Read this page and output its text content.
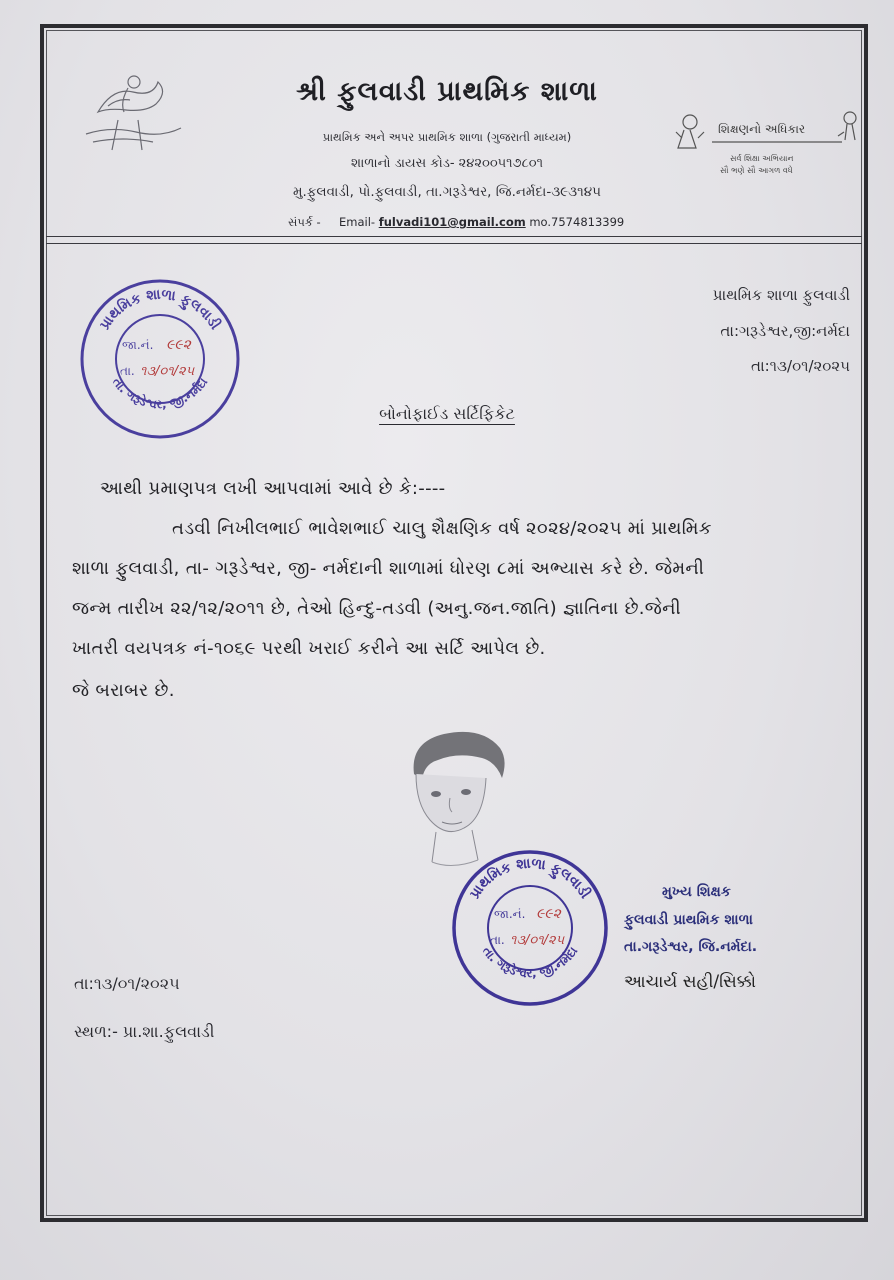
શિક્ષણનો અધિકાર
સર્વ શિક્ષા અભિયાન
સૌ ભણે સૌ આગળ વધે
શ્રી ફુલવાડી પ્રાથમિક શાળા
પ્રાથમિક અને અપર પ્રાથમિક શાળા (ગુજરાતી માધ્યમ)
શાળાનો ડાયસ કોડ- ૨૪૨૦૦૫૧૭૮૦૧
મુ.ફુલવાડી, પો.ફુલવાડી, તા.ગરૂડેશ્વર, જિ.નર્મદા-૩૯૩૧૪૫
સંપર્ક - Email- fulvadi101@gmail.com mo.7574813399
પ્રાથમિક શાળા ફુલવાડી
તા. ગરૂડેશ્વર, જી.નર્મદા
જા.નં. ૯૯૨
તા. ૧૩/૦૧/૨૫
પ્રાથમિક શાળા ફુલવાડી
તા:ગરૂડેશ્વર,જી:નર્મદા
તા:૧૩/૦૧/૨૦૨૫
બોનોફાઈડ સર્ટિફિકેટ
આથી પ્રમાણપત્ર લખી આપવામાં આવે છે કે:----
તડવી નિખીલભાઈ ભાવેશભાઈ ચાલુ શૈક્ષણિક વર્ષ ૨૦૨૪/૨૦૨૫ માં પ્રાથમિક
શાળા ફુલવાડી, તા- ગરૂડેશ્વર, જી- નર્મદાની શાળામાં ધોરણ ૮માં અભ્યાસ કરે છે. જેમની
જન્મ તારીખ ૨૨/૧૨/૨૦૧૧ છે, તેઓ હિન્દુ-તડવી (અનુ.જન.જાતિ) જ્ઞાતિના છે.જેની
ખાતરી વયપત્રક નં-૧૦૬૯ પરથી ખરાઈ કરીને આ સર્ટિ આપેલ છે.
જે બરાબર છે.
પ્રાથમિક શાળા ફુલવાડી
તા. ગરૂડેશ્વર, જી.નર્મદા
જા.નં. ૯૯૨
તા. ૧૩/૦૧/૨૫
મુખ્ય શિક્ષક
ફુલવાડી પ્રાથમિક શાળા
તા.ગરૂડેશ્વર, જિ.નર્મદા.
આચાર્ય સહી/સિક્કો
તા:૧૩/૦૧/૨૦૨૫
સ્થળ:- પ્રા.શા.ફુલવાડી
